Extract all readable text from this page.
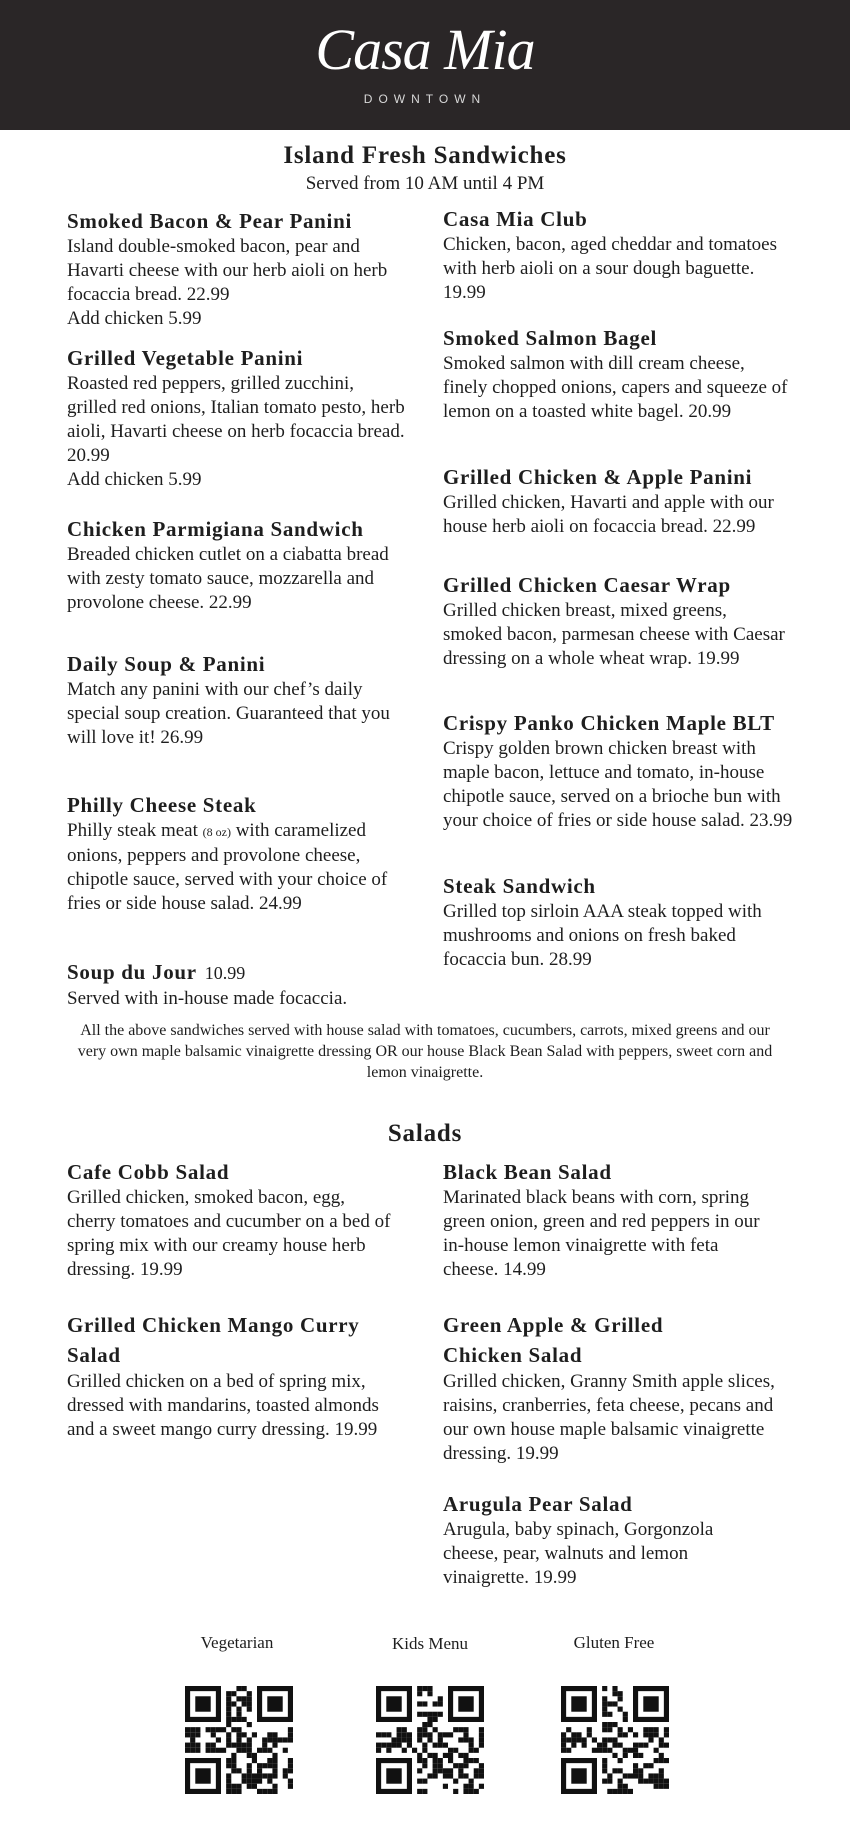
Casa Mia
DOWNTOWN
Island Fresh Sandwiches
Served from 10 AM until 4 PM
Smoked Bacon & Pear Panini
Island double-smoked bacon, pear and Havarti cheese with our herb aioli on herb focaccia bread. 22.99
Add chicken 5.99
Grilled Vegetable Panini
Roasted red peppers, grilled zucchini, grilled red onions, Italian tomato pesto, herb aioli, Havarti cheese on herb focaccia bread. 20.99
Add chicken 5.99
Chicken Parmigiana Sandwich
Breaded chicken cutlet on a ciabatta bread with zesty tomato sauce, mozzarella and provolone cheese. 22.99
Daily Soup & Panini
Match any panini with our chef’s daily special soup creation. Guaranteed that you will love it! 26.99
Philly Cheese Steak
Philly steak meat (8 oz) with caramelized onions, peppers and provolone cheese, chipotle sauce, served with your choice of fries or side house salad. 24.99
Soup du Jour 10.99
Served with in-house made focaccia.
Casa Mia Club
Chicken, bacon, aged cheddar and tomatoes with herb aioli on a sour dough baguette. 19.99
Smoked Salmon Bagel
Smoked salmon with dill cream cheese, finely chopped onions, capers and squeeze of lemon on a toasted white bagel. 20.99
Grilled Chicken & Apple Panini
Grilled chicken, Havarti and apple with our house herb aioli on focaccia bread. 22.99
Grilled Chicken Caesar Wrap
Grilled chicken breast, mixed greens, smoked bacon, parmesan cheese with Caesar dressing on a whole wheat wrap. 19.99
Crispy Panko Chicken Maple BLT
Crispy golden brown chicken breast with maple bacon, lettuce and tomato, in-house chipotle sauce, served on a brioche bun with your choice of fries or side house salad. 23.99
Steak Sandwich
Grilled top sirloin AAA steak topped with mushrooms and onions on fresh baked focaccia bun. 28.99
All the above sandwiches served with house salad with tomatoes, cucumbers, carrots, mixed greens and our very own maple balsamic vinaigrette dressing OR our house Black Bean Salad with peppers, sweet corn and lemon vinaigrette.
Salads
Cafe Cobb Salad
Grilled chicken, smoked bacon, egg, cherry tomatoes and cucumber on a bed of spring mix with our creamy house herb dressing. 19.99
Grilled Chicken Mango Curry Salad
Grilled chicken on a bed of spring mix, dressed with mandarins, toasted almonds and a sweet mango curry dressing. 19.99
Black Bean Salad
Marinated black beans with corn, spring green onion, green and red peppers in our in-house lemon vinaigrette with feta cheese. 14.99
Green Apple & Grilled Chicken Salad
Grilled chicken, Granny Smith apple slices, raisins, cranberries, feta cheese, pecans and our own house maple balsamic vinaigrette dressing. 19.99
Arugula Pear Salad
Arugula, baby spinach, Gorgonzola cheese, pear, walnuts and lemon vinaigrette. 19.99
Vegetarian	Kids Menu	Gluten Free
